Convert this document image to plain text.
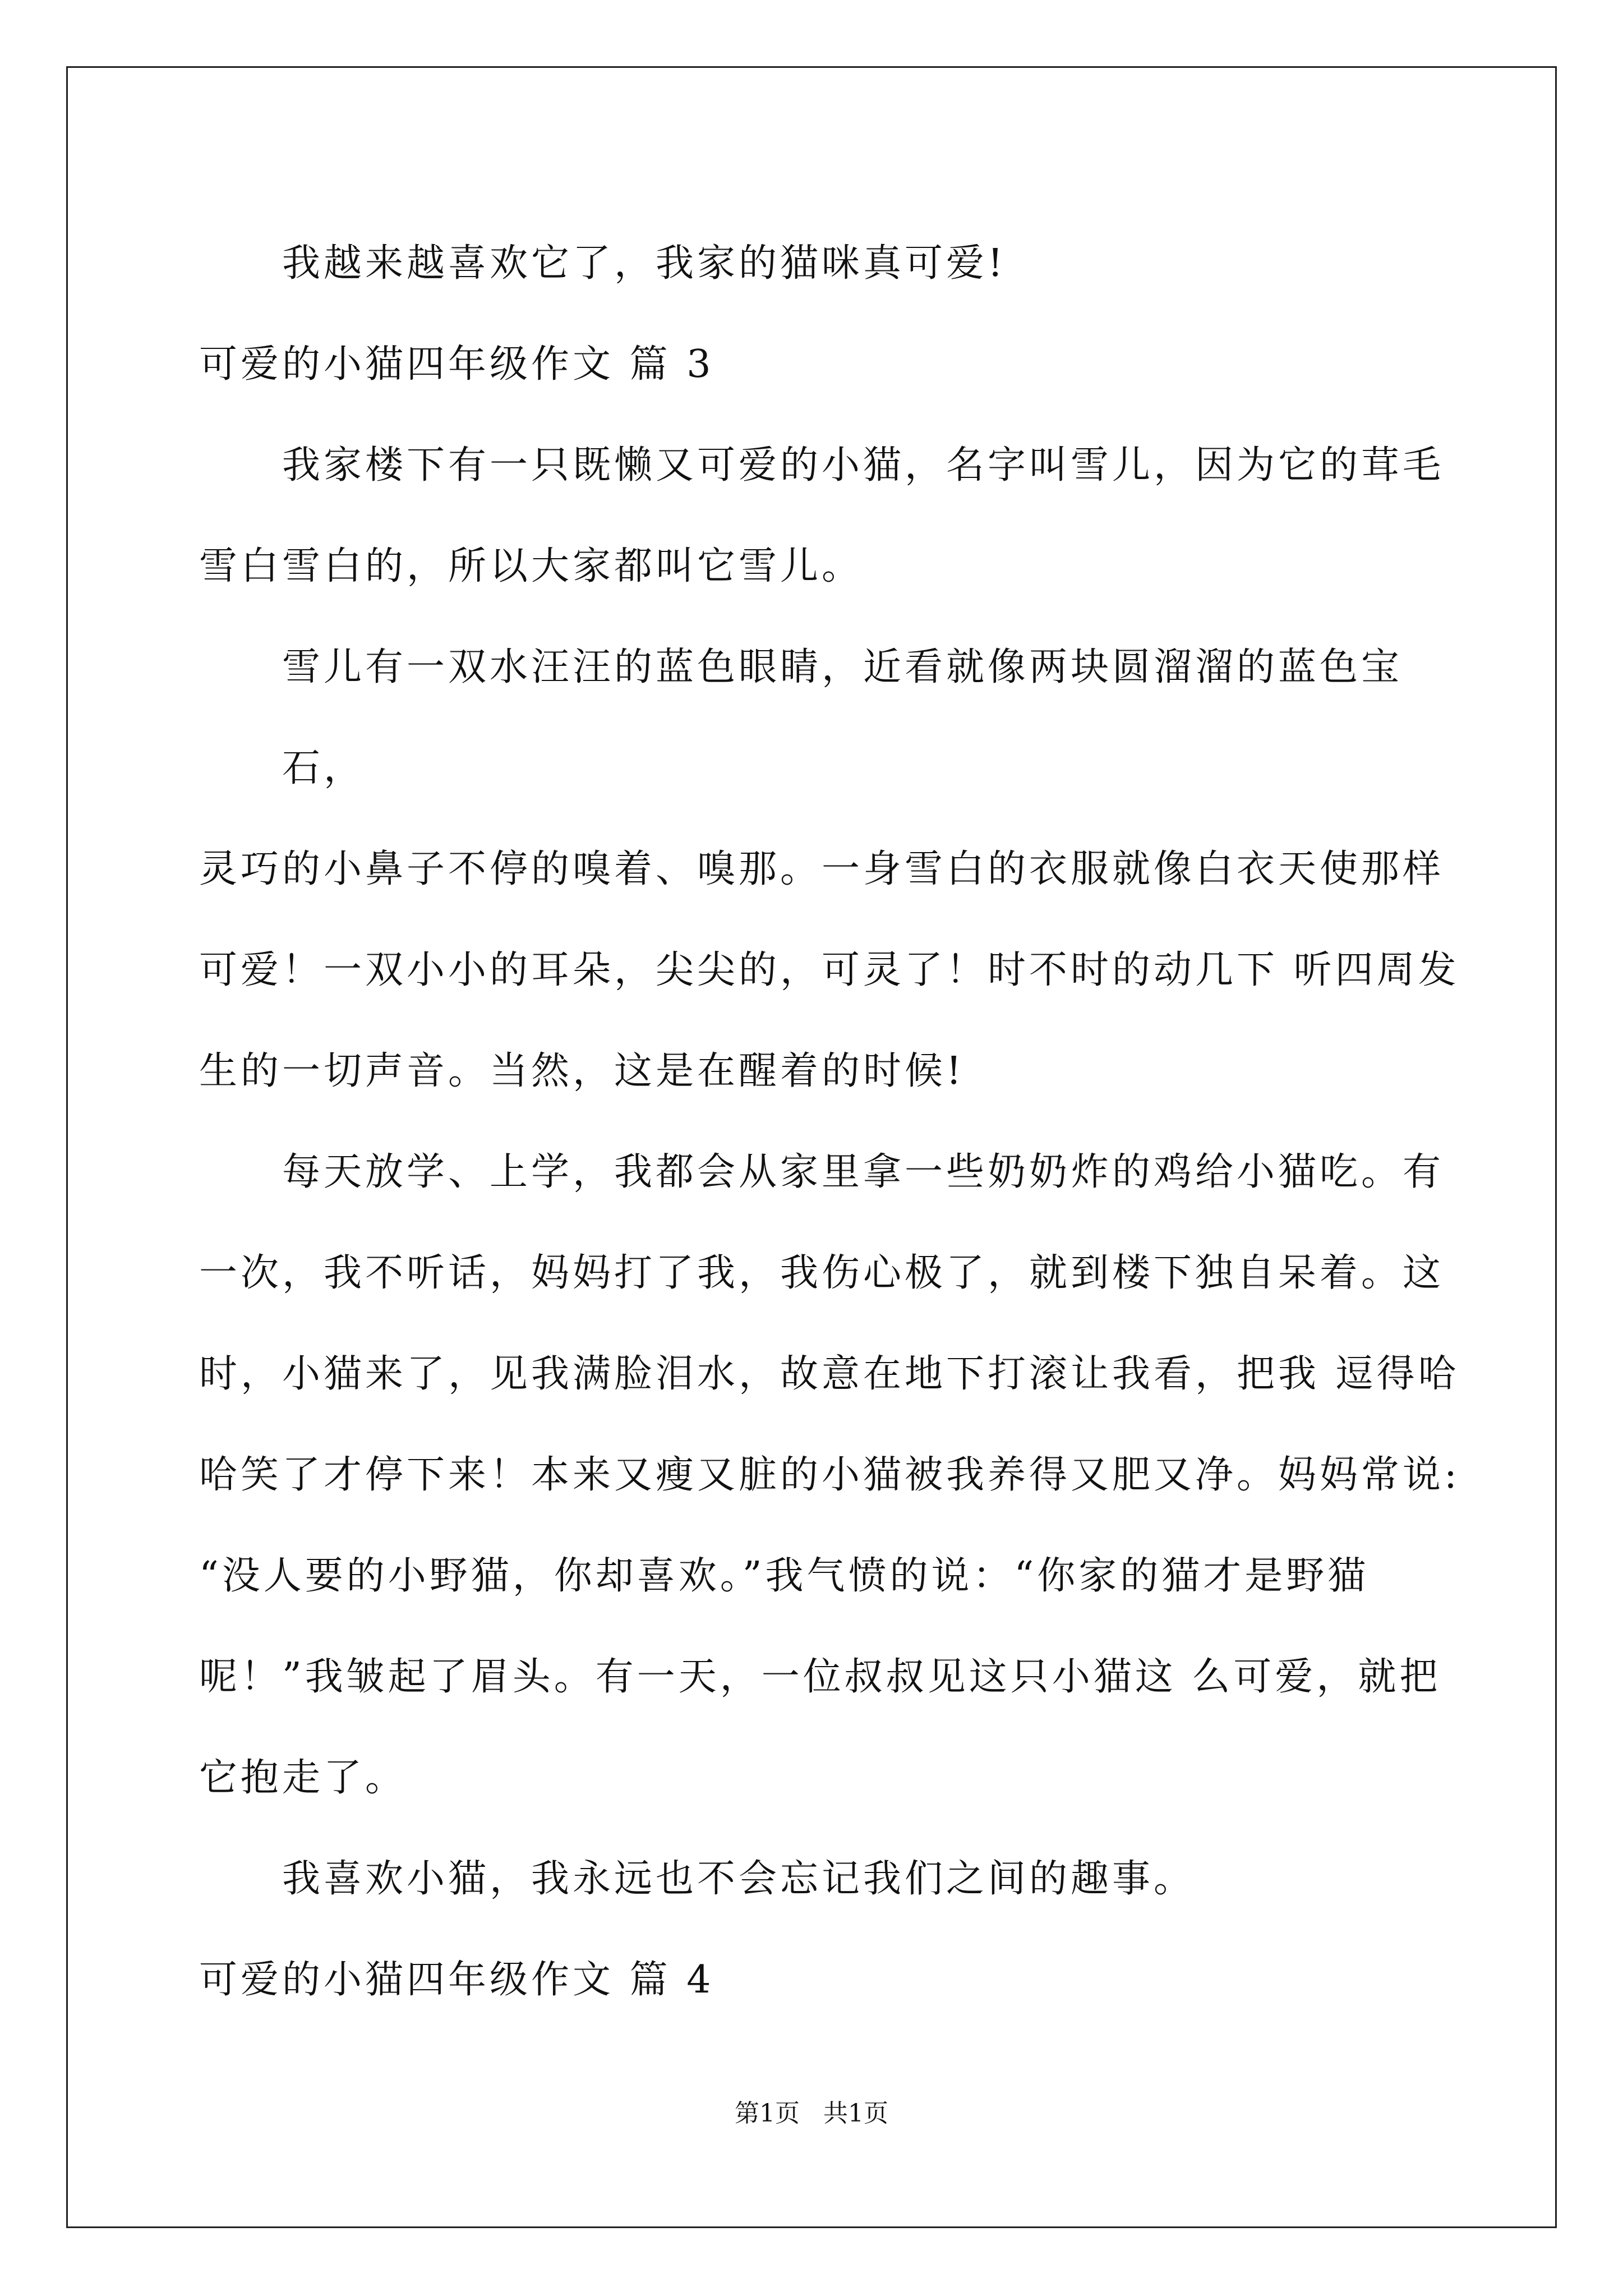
我越来越喜欢它了，我家的猫咪真可爱!

可爱的小猫四年级作文 篇 3

我家楼下有一只既懒又可爱的小猫，名字叫雪儿，因为它的茸毛
雪白雪白的，所以大家都叫它雪儿。

雪儿有一双水汪汪的蓝色眼睛，近看就像两块圆溜溜的蓝色宝石，
灵巧的小鼻子不停的嗅着、嗅那。一身雪白的衣服就像白衣天使那样
可爱！一双小小的耳朵，尖尖的，可灵了！时不时的动几下 听四周发
生的一切声音。当然，这是在醒着的时候!

每天放学、上学，我都会从家里拿一些奶奶炸的鸡给小猫吃。有
一次，我不听话，妈妈打了我，我伤心极了，就到楼下独自呆着。这
时，小猫来了，见我满脸泪水，故意在地下打滚让我看，把我 逗得哈
哈笑了才停下来！本来又瘦又脏的小猫被我养得又肥又净。妈妈常说:
“没人要的小野猫，你却喜欢。”我气愤的说：“你家的猫才是野猫
呢！”我皱起了眉头。有一天，一位叔叔见这只小猫这 么可爱，就把
它抱走了。

我喜欢小猫，我永远也不会忘记我们之间的趣事。

可爱的小猫四年级作文 篇 4

第1页   共1页
